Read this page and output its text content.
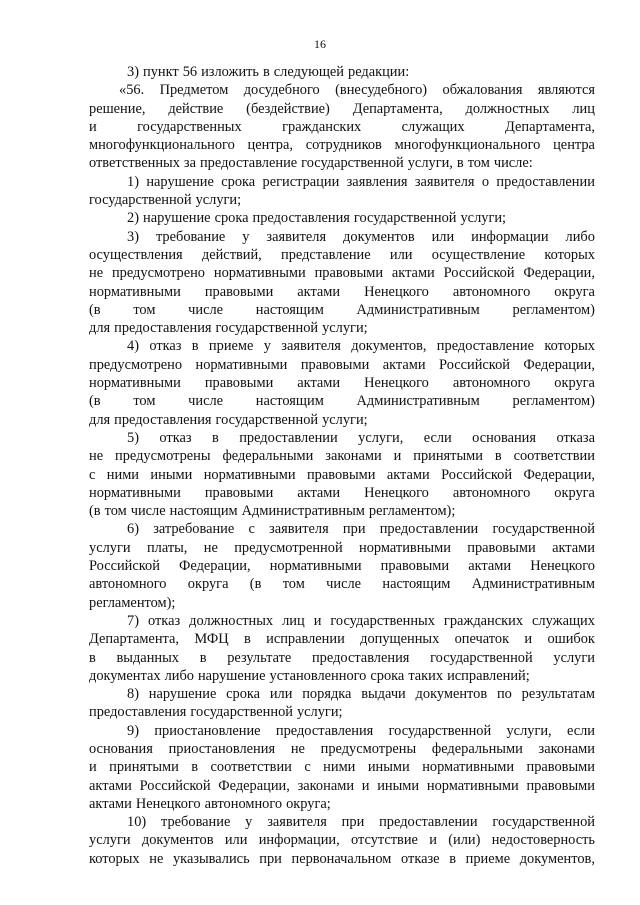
16
3) пункт 56 изложить в следующей редакции:
«56. Предметом досудебного (внесудебного) обжалования являются
решение, действие (бездействие) Департамента, должностных лиц
и	государственных	гражданских	служащих	Департамента,
многофункционального центра, сотрудников многофункционального центра
ответственных за предоставление государственной услуги, в том числе:
1) нарушение срока регистрации заявления заявителя о предоставлении
государственной услуги;
2) нарушение срока предоставления государственной услуги;
3) требование у заявителя документов или информации либо
осуществления действий, представление или осуществление которых
не предусмотрено нормативными правовыми актами Российской Федерации,
нормативными правовыми актами Ненецкого автономного округа
(в том числе настоящим Административным регламентом)
для предоставления государственной услуги;
4) отказ в приеме у заявителя документов, предоставление которых
предусмотрено нормативными правовыми актами Российской Федерации,
нормативными правовыми актами Ненецкого автономного округа
(в том числе настоящим Административным регламентом)
для предоставления государственной услуги;
5) отказ в предоставлении услуги, если основания отказа
не предусмотрены федеральными законами и принятыми в соответствии
с ними иными нормативными правовыми актами Российской Федерации,
нормативными правовыми актами Ненецкого автономного округа
(в том числе настоящим Административным регламентом);
6) затребование с заявителя при предоставлении государственной
услуги платы, не предусмотренной нормативными правовыми актами
Российской Федерации, нормативными правовыми актами Ненецкого
автономного округа (в том числе настоящим Административным
регламентом);
7) отказ должностных лиц и государственных гражданских служащих
Департамента, МФЦ в исправлении допущенных опечаток и ошибок
в выданных в результате предоставления государственной услуги
документах либо нарушение установленного срока таких исправлений;
8) нарушение срока или порядка выдачи документов по результатам
предоставления государственной услуги;
9) приостановление предоставления государственной услуги, если
основания приостановления не предусмотрены федеральными законами
и принятыми в соответствии с ними иными нормативными правовыми
актами Российской Федерации, законами и иными нормативными правовыми
актами Ненецкого автономного округа;
10) требование у заявителя при предоставлении государственной
услуги документов или информации, отсутствие и (или) недостоверность
которых не указывались при первоначальном отказе в приеме документов,
